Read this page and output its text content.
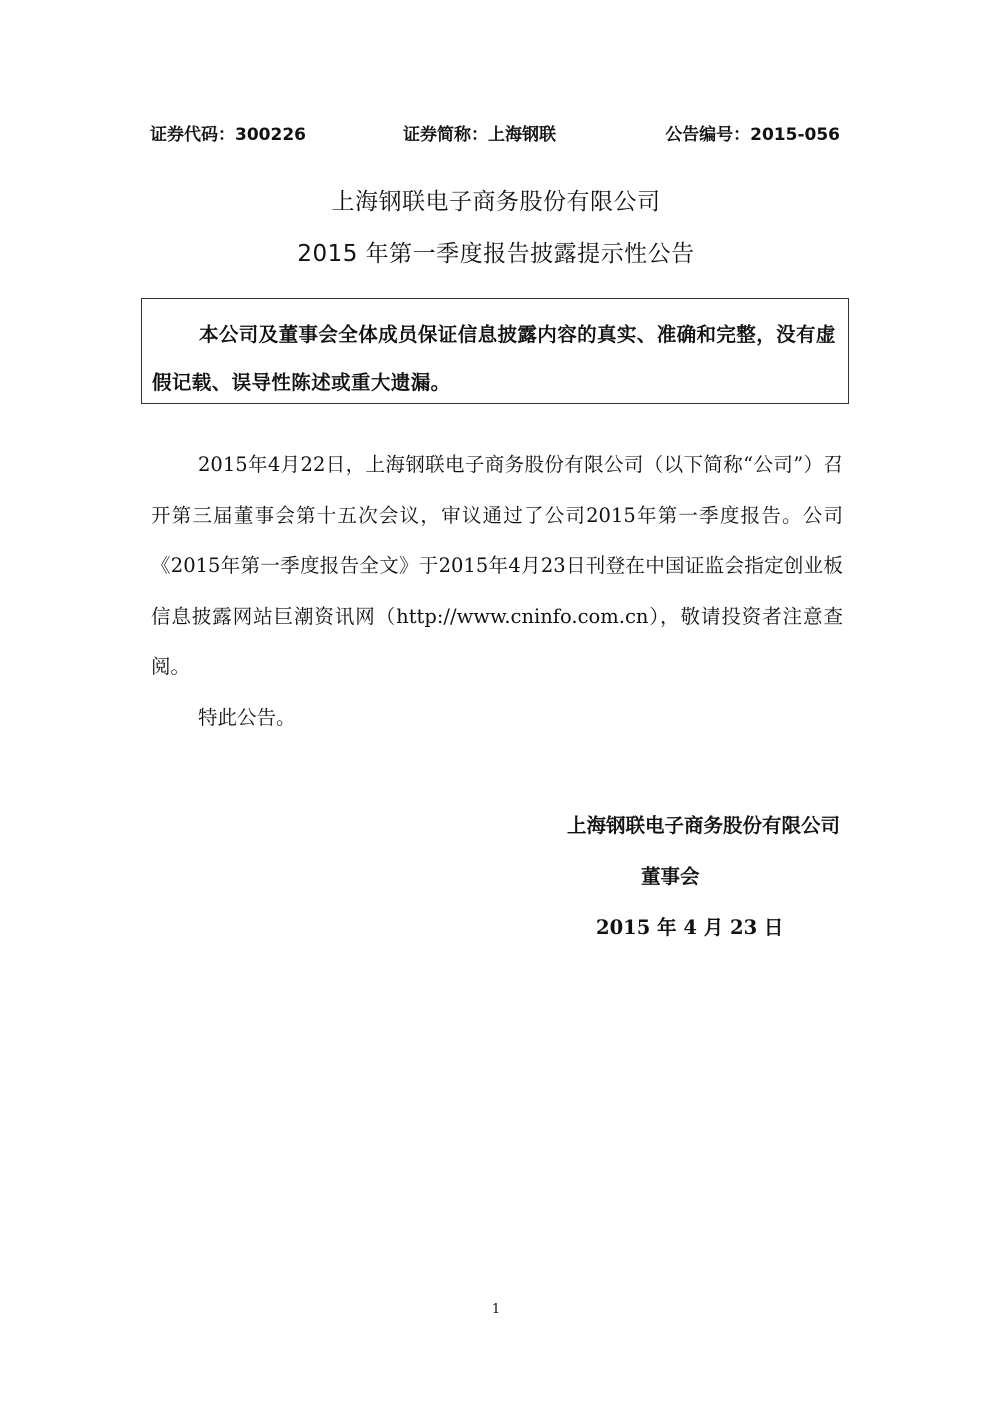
证券代码：300226	证券简称：上海钢联	公告编号：2015-056
上海钢联电子商务股份有限公司
2015 年第一季度报告披露提示性公告

本公司及董事会全体成员保证信息披露内容的真实、准确和完整，没有虚假记载、误导性陈述或重大遗漏。

2015年4月22日，上海钢联电子商务股份有限公司（以下简称“公司”）召开第三届董事会第十五次会议，审议通过了公司2015年第一季度报告。公司《2015年第一季度报告全文》于2015年4月23日刊登在中国证监会指定创业板信息披露网站巨潮资讯网（http://www.cninfo.com.cn），敬请投资者注意查阅。

特此公告。

上海钢联电子商务股份有限公司
董事会
2015 年 4 月 23 日
1
